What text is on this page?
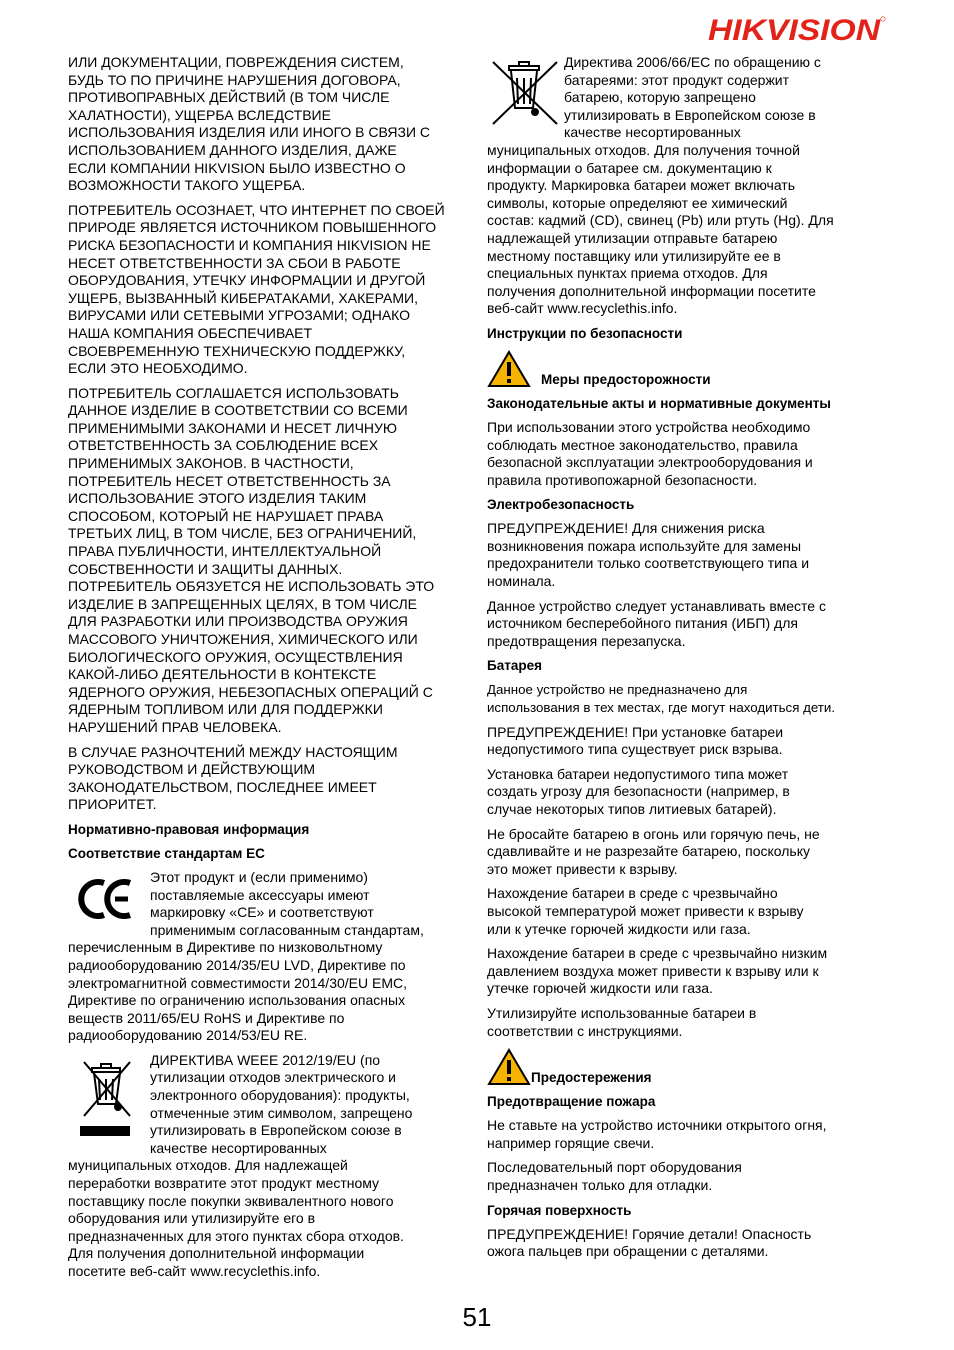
HIKVISION

ИЛИ ДОКУМЕНТАЦИИ, ПОВРЕЖДЕНИЯ СИСТЕМ,
БУДЬ ТО ПО ПРИЧИНЕ НАРУШЕНИЯ ДОГОВОРА,
ПРОТИВОПРАВНЫХ ДЕЙСТВИЙ (В ТОМ ЧИСЛЕ
ХАЛАТНОСТИ), УЩЕРБА ВСЛЕДСТВИЕ
ИСПОЛЬЗОВАНИЯ ИЗДЕЛИЯ ИЛИ ИНОГО В СВЯЗИ С
ИСПОЛЬЗОВАНИЕМ ДАННОГО ИЗДЕЛИЯ, ДАЖЕ
ЕСЛИ КОМПАНИИ HIKVISION БЫЛО ИЗВЕСТНО О
ВОЗМОЖНОСТИ ТАКОГО УЩЕРБА.

ПОТРЕБИТЕЛЬ ОСОЗНАЕТ, ЧТО ИНТЕРНЕТ ПО СВОЕЙ
ПРИРОДЕ ЯВЛЯЕТСЯ ИСТОЧНИКОМ ПОВЫШЕННОГО
РИСКА БЕЗОПАСНОСТИ И КОМПАНИЯ HIKVISION НЕ
НЕСЕТ ОТВЕТСТВЕННОСТИ ЗА СБОИ В РАБОТЕ
ОБОРУДОВАНИЯ, УТЕЧКУ ИНФОРМАЦИИ И ДРУГОЙ
УЩЕРБ, ВЫЗВАННЫЙ КИБЕРАТАКАМИ, ХАКЕРАМИ,
ВИРУСАМИ ИЛИ СЕТЕВЫМИ УГРОЗАМИ; ОДНАКО
НАША КОМПАНИЯ ОБЕСПЕЧИВАЕТ
СВОЕВРЕМЕННУЮ ТЕХНИЧЕСКУЮ ПОДДЕРЖКУ,
ЕСЛИ ЭТО НЕОБХОДИМО.

ПОТРЕБИТЕЛЬ СОГЛАШАЕТСЯ ИСПОЛЬЗОВАТЬ
ДАННОЕ ИЗДЕЛИЕ В СООТВЕТСТВИИ СО ВСЕМИ
ПРИМЕНИМЫМИ ЗАКОНАМИ И НЕСЕТ ЛИЧНУЮ
ОТВЕТСТВЕННОСТЬ ЗА СОБЛЮДЕНИЕ ВСЕХ
ПРИМЕНИМЫХ ЗАКОНОВ. В ЧАСТНОСТИ,
ПОТРЕБИТЕЛЬ НЕСЕТ ОТВЕТСТВЕННОСТЬ ЗА
ИСПОЛЬЗОВАНИЕ ЭТОГО ИЗДЕЛИЯ ТАКИМ
СПОСОБОМ, КОТОРЫЙ НЕ НАРУШАЕТ ПРАВА
ТРЕТЬИХ ЛИЦ, В ТОМ ЧИСЛЕ, БЕЗ ОГРАНИЧЕНИЙ,
ПРАВА ПУБЛИЧНОСТИ, ИНТЕЛЛЕКТУАЛЬНОЙ
СОБСТВЕННОСТИ И ЗАЩИТЫ ДАННЫХ.
ПОТРЕБИТЕЛЬ ОБЯЗУЕТСЯ НЕ ИСПОЛЬЗОВАТЬ ЭТО
ИЗДЕЛИЕ В ЗАПРЕЩЕННЫХ ЦЕЛЯХ, В ТОМ ЧИСЛЕ
ДЛЯ РАЗРАБОТКИ ИЛИ ПРОИЗВОДСТВА ОРУЖИЯ
МАССОВОГО УНИЧТОЖЕНИЯ, ХИМИЧЕСКОГО ИЛИ
БИОЛОГИЧЕСКОГО ОРУЖИЯ, ОСУЩЕСТВЛЕНИЯ
КАКОЙ-ЛИБО ДЕЯТЕЛЬНОСТИ В КОНТЕКСТЕ
ЯДЕРНОГО ОРУЖИЯ, НЕБЕЗОПАСНЫХ ОПЕРАЦИЙ С
ЯДЕРНЫМ ТОПЛИВОМ ИЛИ ДЛЯ ПОДДЕРЖКИ
НАРУШЕНИЙ ПРАВ ЧЕЛОВЕКА.

В СЛУЧАЕ РАЗНОЧТЕНИЙ МЕЖДУ НАСТОЯЩИМ
РУКОВОДСТВОМ И ДЕЙСТВУЮЩИМ
ЗАКОНОДАТЕЛЬСТВОМ, ПОСЛЕДНЕЕ ИМЕЕТ
ПРИОРИТЕТ.

Нормативно-правовая информация
Соответствие стандартам ЕС
Этот продукт и (если применимо)
поставляемые аксессуары имеют
маркировку «CE» и соответствуют
применимым согласованным стандартам,
перечисленным в Директиве по низковольтному
радиооборудованию 2014/35/EU LVD, Директиве по
электромагнитной совместимости 2014/30/EU EMC,
Директиве по ограничению использования опасных
веществ 2011/65/EU RoHS и Директиве по
радиооборудованию 2014/53/EU RE.
ДИРЕКТИВА WEEE 2012/19/EU (по
утилизации отходов электрического и
электронного оборудования): продукты,
отмеченные этим символом, запрещено
утилизировать в Европейском союзе в
качестве несортированных
муниципальных отходов. Для надлежащей
переработки возвратите этот продукт местному
поставщику после покупки эквивалентного нового
оборудования или утилизируйте его в
предназначенных для этого пунктах сбора отходов.
Для получения дополнительной информации
посетите веб-сайт www.recyclethis.info.
Директива 2006/66/EC по обращению с
батареями: этот продукт содержит
батарею, которую запрещено
утилизировать в Европейском союзе в
качестве несортированных
муниципальных отходов. Для получения точной
информации о батарее см. документацию к
продукту. Маркировка батареи может включать
символы, которые определяют ее химический
состав: кадмий (CD), свинец (Pb) или ртуть (Hg). Для
надлежащей утилизации отправьте батарею
местному поставщику или утилизируйте ее в
специальных пунктах приема отходов. Для
получения дополнительной информации посетите
веб-сайт www.recyclethis.info.
Инструкции по безопасности
Меры предосторожности
Законодательные акты и нормативные документы

При использовании этого устройства необходимо
соблюдать местное законодательство, правила
безопасной эксплуатации электрооборудования и
правила противопожарной безопасности.

Электробезопасность

ПРЕДУПРЕЖДЕНИЕ! Для снижения риска
возникновения пожара используйте для замены
предохранители только соответствующего типа и
номинала.

Данное устройство следует устанавливать вместе с
источником бесперебойного питания (ИБП) для
предотвращения перезапуска.

Батарея

Данное устройство не предназначено для
использования в тех местах, где могут находиться дети.

ПРЕДУПРЕЖДЕНИЕ! При установке батареи
недопустимого типа существует риск взрыва.

Установка батареи недопустимого типа может
создать угрозу для безопасности (например, в
случае некоторых типов литиевых батарей).

Не бросайте батарею в огонь или горячую печь, не
сдавливайте и не разрезайте батарею, поскольку
это может привести к взрыву.

Нахождение батареи в среде с чрезвычайно
высокой температурой может привести к взрыву
или к утечке горючей жидкости или газа.

Нахождение батареи в среде с чрезвычайно низким
давлением воздуха может привести к взрыву или к
утечке горючей жидкости или газа.

Утилизируйте использованные батареи в
соответствии с инструкциями.

Предостережения
Предотвращение пожара

Не ставьте на устройство источники открытого огня,
например горящие свечи.

Последовательный порт оборудования
предназначен только для отладки.

Горячая поверхность

ПРЕДУПРЕЖДЕНИЕ! Горячие детали! Опасность
ожога пальцев при обращении с деталями.

51
